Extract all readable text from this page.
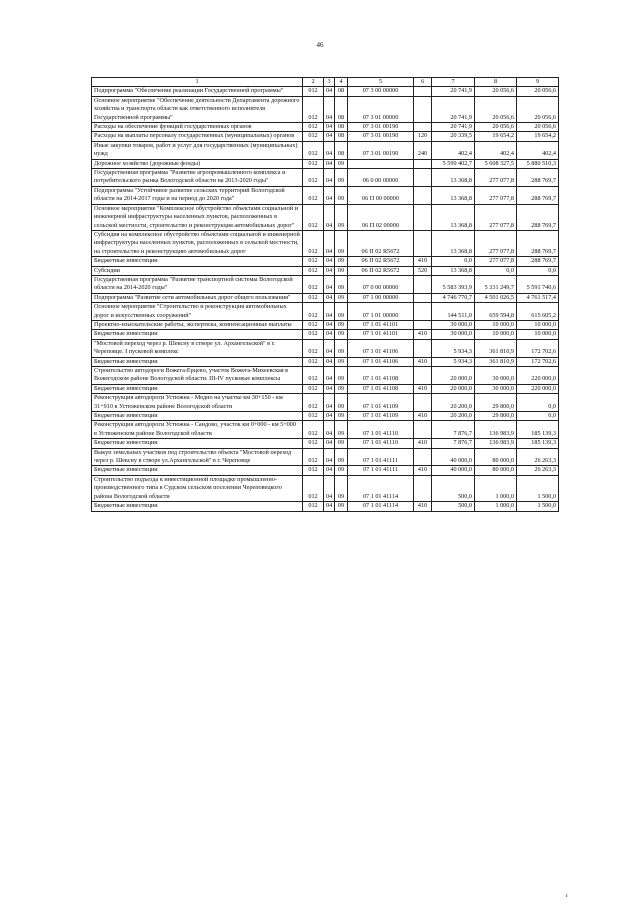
46
1	2	3	4	5	6	7	8	9
Подпрограмма "Обеспечение реализации Государственной программы"	012	04	08	07 3 00 00000		20 741,9	20 056,6	20 056,6
Основное мероприятие "Обеспечение деятельности Департамента дорожного хозяйства и транспорта области как ответственного исполнителя Государственной программы"	012	04	08	07 3 01 00000		20 741,9	20 056,6	20 056,6
Расходы на обеспечение функций государственных органов	012	04	08	07 3 01 00190		20 741,9	20 056,6	20 056,6
Расходы на выплаты персоналу государственных (муниципальных) органов	012	04	08	07 3 01 00190	120	20 339,5	19 654,2	19 654,2
Иные закупки товаров, работ и услуг для государственных (муниципальных) нужд	012	04	08	07 3 01 00190	240	402,4	402,4	402,4
Дорожное хозяйство (дорожные фонды)	012	04	09			5 599 402,7	5 608 327,5	5 880 510,3
Государственная программа "Развитие агропромышленного комплекса и потребительского рынка Вологодской области на 2013-2020 годы"	012	04	09	06 0 00 00000		13 368,8	277 077,8	288 769,7
Подпрограмма "Устойчивое развитие сельских территорий Вологодской области на 2014-2017 годы и на период до 2020 года"	012	04	09	06 П 00 00000		13 368,8	277 077,8	288 769,7
Основное мероприятие "Комплексное обустройство объектами социальной и инженерной инфраструктуры населенных пунктов, расположенных в сельской местности, строительство и реконструкция автомобильных дорог"	012	04	09	06 П 02 00000		13 368,8	277 077,8	288 769,7
Субсидия на комплексное обустройство объектами социальной и инженерной инфраструктуры населенных пунктов, расположенных в сельской местности, на строительство и реконструкцию автомобильных дорог	012	04	09	06 П 02 R5672		13 368,8	277 077,8	288 769,7
Бюджетные инвестиции	012	04	09	06 П 02 R5672	410	0,0	277 077,8	288 769,7
Субсидии	012	04	09	06 П 02 R5672	520	13 368,8	0,0	0,0
Государственная программа "Развитие транспортной системы Вологодской области на 2014-2020 годы"	012	04	09	07 0 00 00000		5 583 393,9	5 331 249,7	5 591 740,6
Подпрограмма "Развитие сети автомобильных дорог общего пользования"	012	04	09	07 1 00 00000		4 746 770,7	4 501 026,5	4 761 517,4
Основное мероприятие "Строительство и реконструкция автомобильных дорог и искусственных сооружений"	012	04	09	07 1 01 00000		144 511,0	659 594,8	615 605,2
Проектно-изыскательские работы, экспертизы, компенсационные выплаты	012	04	09	07 1 01 41101		30 000,0	10 000,0	10 000,0
Бюджетные инвестиции	012	04	09	07 1 01 41101	410	30 000,0	10 000,0	10 000,0
"Мостовой переход через р. Шексну в створе ул. Архангельской" в г. Череповце. I пусковой комплекс	012	04	09	07 1 01 41106		5 934,3	361 810,9	172 702,6
Бюджетные инвестиции	012	04	09	07 1 01 41106	410	5 934,3	361 810,9	172 702,6
Строительство автодороги Вожега-Ерцево, участок Вожега-Михеевская в Вожегодском районе Вологодской области. III-IV пусковые комплексы	012	04	09	07 1 01 41108		20 000,0	30 000,0	220 000,0
Бюджетные инвестиции	012	04	09	07 1 01 41108	410	20 000,0	30 000,0	220 000,0
Реконструкция автодороги Устюжна - Модно на участке км 30+150 - км 31+910 в Устюженском районе Вологодской области	012	04	09	07 1 01 41109		20 200,0	29 800,0	0,0
Бюджетные инвестиции	012	04	09	07 1 01 41109	410	20 200,0	29 800,0	0,0
Реконструкция автодороги Устюжна - Сандово, участок км 0+000 - км 5+000 в Устюженском районе Вологодской области	012	04	09	07 1 01 41110		7 876,7	136 983,9	185 139,3
Бюджетные инвестиции	012	04	09	07 1 01 41110	410	7 876,7	136 983,9	185 139,3
Выкуп земельных участков под строительство объекта "Мостовой переход через р. Шексну в створе ул.Архангельской" в г. Череповце	012	04	09	07 1 01 41111		40 000,0	80 000,0	26 263,3
Бюджетные инвестиции	012	04	09	07 1 01 41111	410	40 000,0	80 000,0	26 263,3
Строительство подъезда к инвестиционной площадке промышленно-производственного типа в Судском сельском поселении Череповецкого района Вологодской области	012	04	09	07 1 01 41114		500,0	1 000,0	1 500,0
Бюджетные инвестиции	012	04	09	07 1 01 41114	410	500,0	1 000,0	1 500,0
ı
